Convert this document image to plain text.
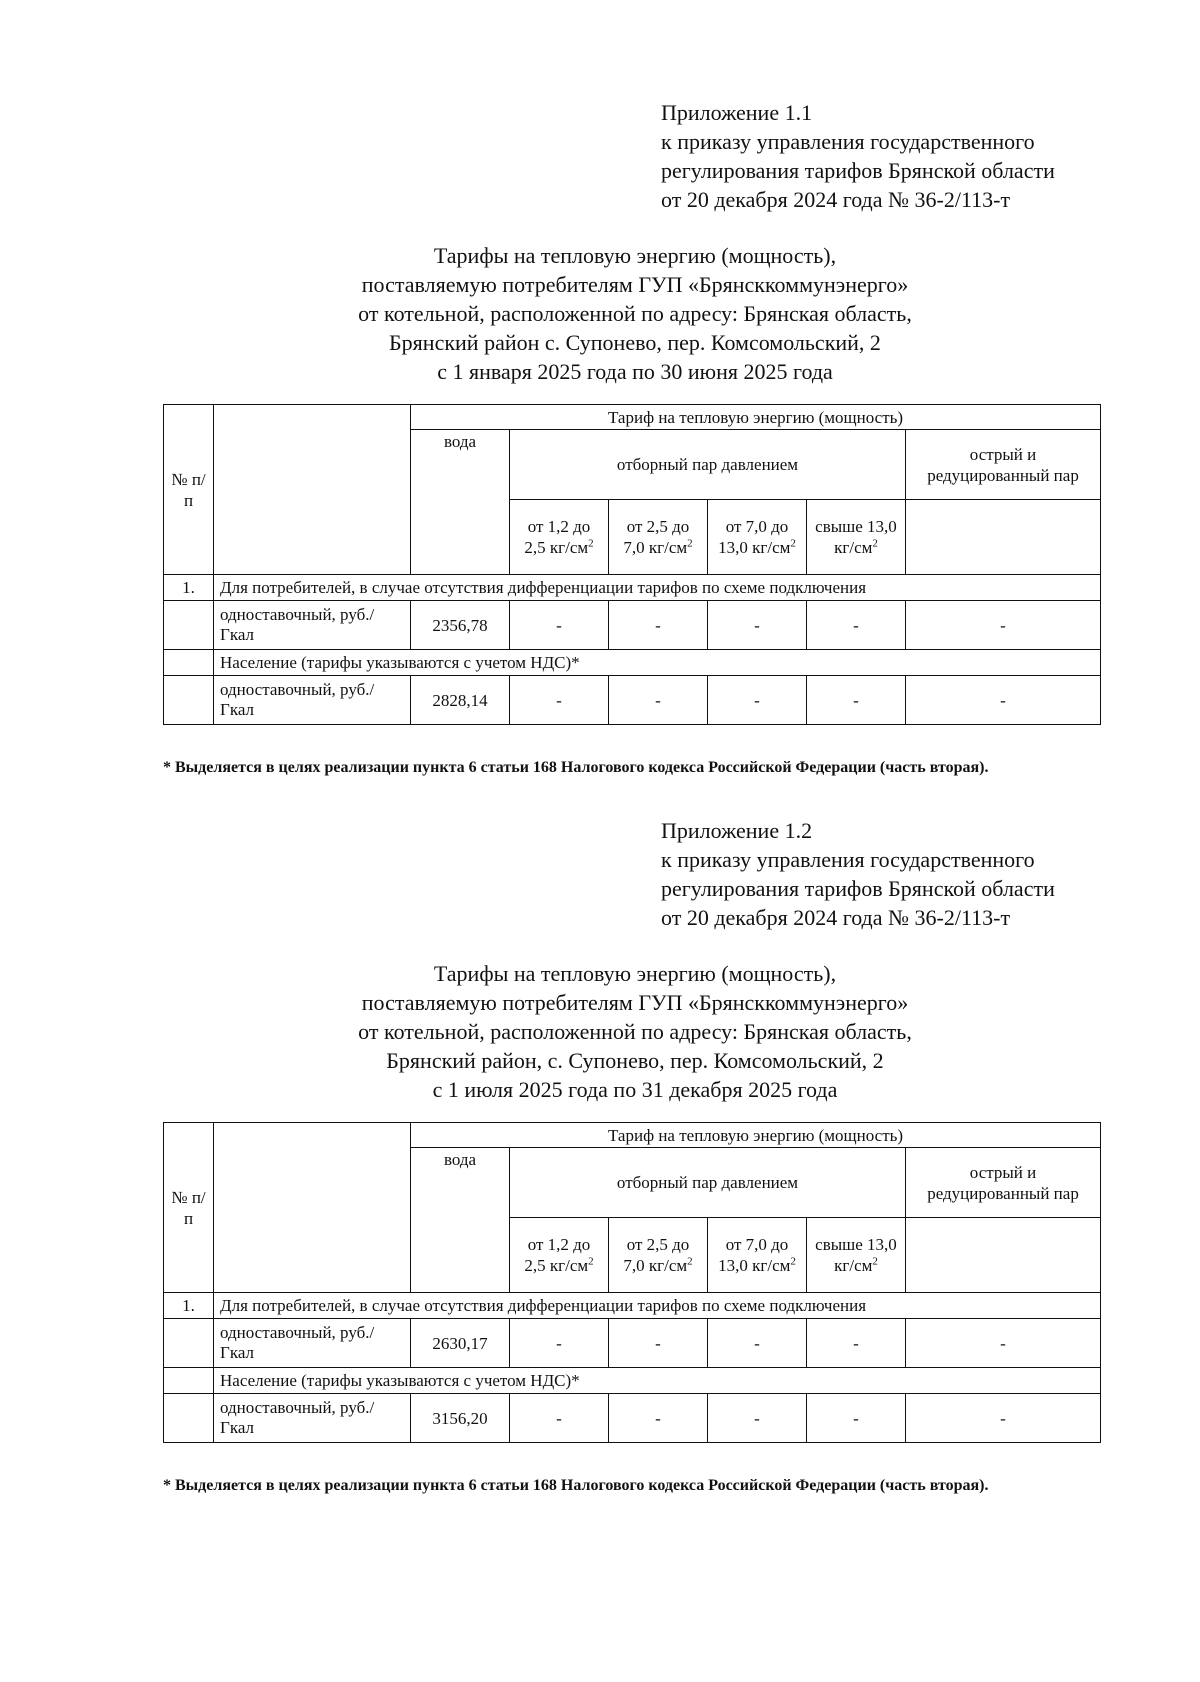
Приложение 1.1
к приказу управления государственного
регулирования тарифов Брянской области
от 20 декабря 2024 года № 36-2/113-т
Тарифы на тепловую энергию (мощность),
поставляемую потребителям ГУП «Брянсккоммунэнерго»
от котельной, расположенной по адресу: Брянская область,
Брянский район с. Супонево, пер. Комсомольский, 2
с 1 января 2025 года по 30 июня 2025 года
№ п/п		Тариф на тепловую энергию (мощность)					
		вода	отборный пар давлением				острый и редуцированный пар
			от 1,2 до 2,5 $кг/см^2$	от 2,5 до 7,0 $кг/см^2$	от 7,0 до 13,0 $кг/см^2$	свыше 13,0 $кг/см^2$	
1.	Для потребителей, в случае отсутствия дифференциации тарифов по схеме подключения						
	одноставочный, руб./Гкал	2356,78	-	-	-	-	-
	Население (тарифы указываются с учетом НДС)*						
	одноставочный, руб./Гкал	2828,14	-	-	-	-	-
* Выделяется в целях реализации пункта 6 статьи 168 Налогового кодекса Российской Федерации (часть вторая).
Приложение 1.2
к приказу управления государственного
регулирования тарифов Брянской области
от 20 декабря 2024 года № 36-2/113-т
Тарифы на тепловую энергию (мощность),
поставляемую потребителям ГУП «Брянсккоммунэнерго»
от котельной, расположенной по адресу: Брянская область,
Брянский район, с. Супонево, пер. Комсомольский, 2
с 1 июля 2025 года по 31 декабря 2025 года
№ п/п		Тариф на тепловую энергию (мощность)					
		вода	отборный пар давлением				острый и редуцированный пар
			от 1,2 до 2,5 $кг/см^2$	от 2,5 до 7,0 $кг/см^2$	от 7,0 до 13,0 $кг/см^2$	свыше 13,0 $кг/см^2$	
1.	Для потребителей, в случае отсутствия дифференциации тарифов по схеме подключения						
	одноставочный, руб./Гкал	2630,17	-	-	-	-	-
	Население (тарифы указываются с учетом НДС)*						
	одноставочный, руб./Гкал	3156,20	-	-	-	-	-
* Выделяется в целях реализации пункта 6 статьи 168 Налогового кодекса Российской Федерации (часть вторая).
